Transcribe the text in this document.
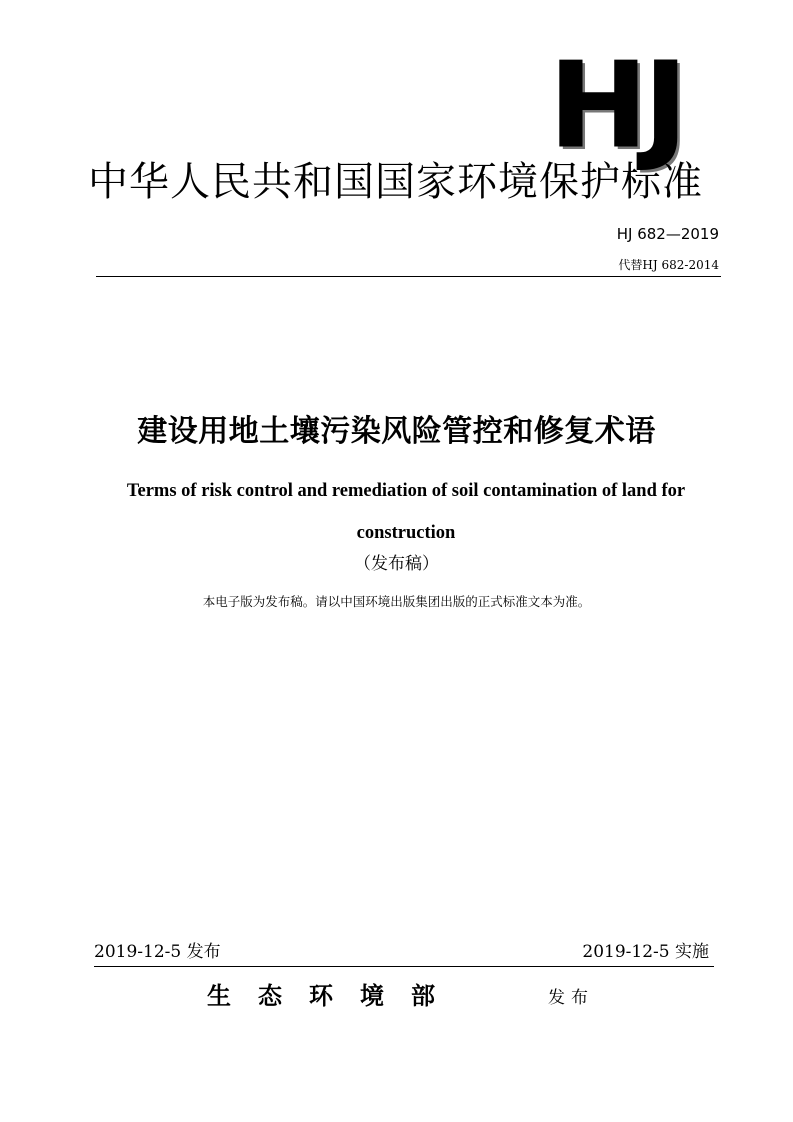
HJ
中华人民共和国国家环境保护标准
HJ 682—2019
代替HJ 682-2014
建设用地土壤污染风险管控和修复术语
Terms of risk control and remediation of soil contamination of land for construction
（发布稿）
本电子版为发布稿。请以中国环境出版集团出版的正式标准文本为准。
2019-12-5 发布	2019-12-5 实施
生态环境部	发布
